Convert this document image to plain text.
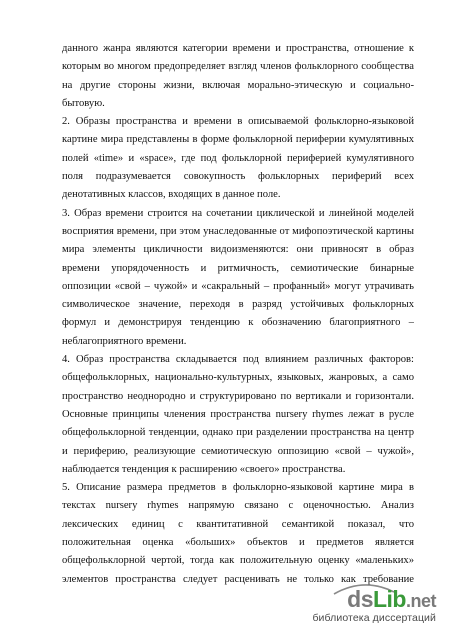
данного жанра являются категории времени и пространства, отношение к
которым во многом предопределяет взгляд членов фольклорного сообщества
на другие стороны жизни, включая морально-этическую и социально-
бытовую.
2. Образы пространства и времени в описываемой фольклорно-языковой
картине мира представлены в форме фольклорной периферии кумулятивных
полей «time» и «space», где под фольклорной периферией кумулятивного
поля подразумевается совокупность фольклорных периферий всех
денотативных классов, входящих в данное поле.
3. Образ времени строится на сочетании циклической и линейной моделей
восприятия времени, при этом унаследованные от мифопоэтической картины
мира элементы цикличности видоизменяются: они привносят в образ
времени упорядоченность и ритмичность, семиотические бинарные
оппозиции «свой – чужой» и «сакральный – профанный» могут утрачивать
символическое значение, переходя в разряд устойчивых фольклорных
формул и демонстрируя тенденцию к обозначению благоприятного –
неблагоприятного времени.
4. Образ пространства складывается под влиянием различных факторов:
общефольклорных, национально-культурных, языковых, жанровых, а само
пространство неоднородно и структурировано по вертикали и горизонтали.
Основные принципы членения пространства nursery rhymes лежат в русле
общефольклорной тенденции, однако при разделении пространства на центр
и периферию, реализующие семиотическую оппозицию «свой – чужой»,
наблюдается тенденция к расширению «своего» пространства.
5. Описание размера предметов в фольклорно-языковой картине мира в
текстах nursery rhymes напрямую связано с оценочностью. Анализ
лексических единиц с квантитативной семантикой показал, что
положительная оценка «больших» объектов и предметов является
общефольклорной чертой, тогда как положительную оценку «маленьких»
элементов пространства следует расценивать не только как требование
dsLib.net
библиотека диссертаций
